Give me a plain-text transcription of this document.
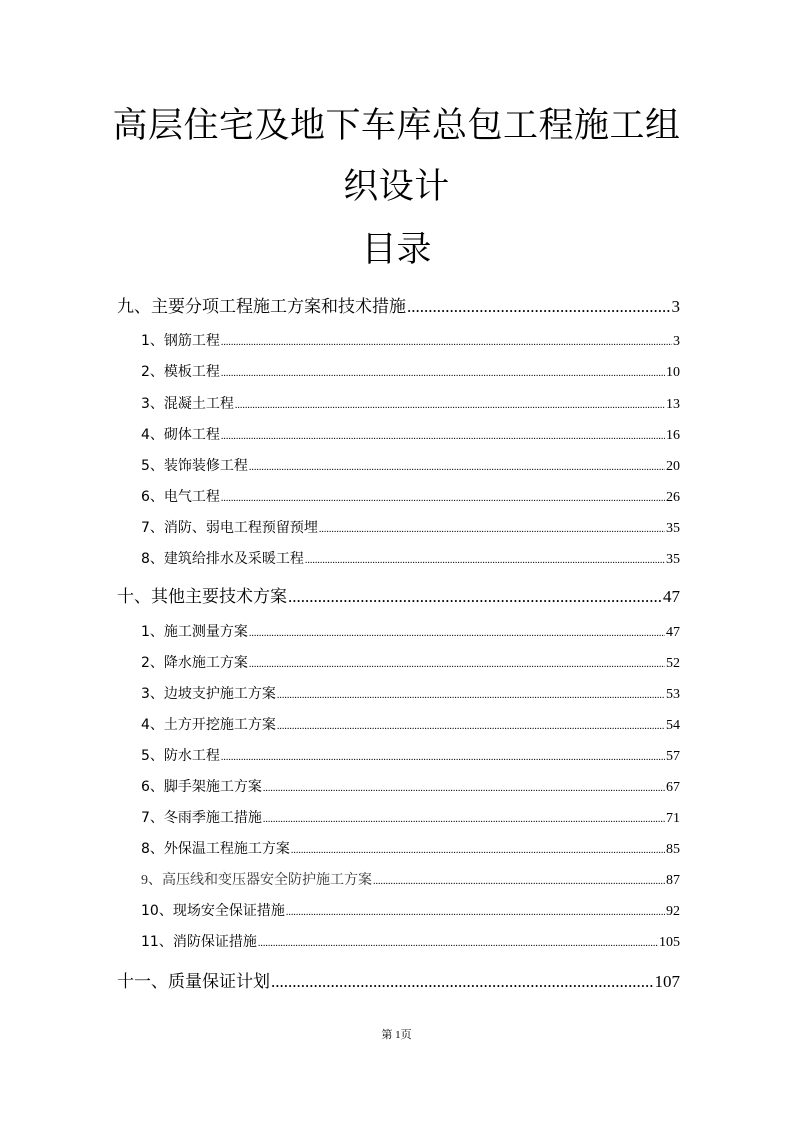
高层住宅及地下车库总包工程施工组
织设计
目录
九、主要分项工程施工方案和技术措施 .....	3
1、钢筋工程 .....	3
2、模板工程 .....	10
3、混凝土工程 .....	13
4、砌体工程 .....	16
5、装饰装修工程 .....	20
6、电气工程 .....	26
7、消防、弱电工程预留预埋 .....	35
8、建筑给排水及采暖工程 .....	35
十、其他主要技术方案 .....	47
1、施工测量方案 .....	47
2、降水施工方案 .....	52
3、边坡支护施工方案 .....	53
4、土方开挖施工方案 .....	54
5、防水工程 .....	57
6、脚手架施工方案 .....	67
7、冬雨季施工措施 .....	71
8、外保温工程施工方案 .....	85
9、高压线和变压器安全防护施工方案 .....	87
10、现场安全保证措施 .....	92
11、消防保证措施 .....	105
十一、质量保证计划 .....	107
第 1页
